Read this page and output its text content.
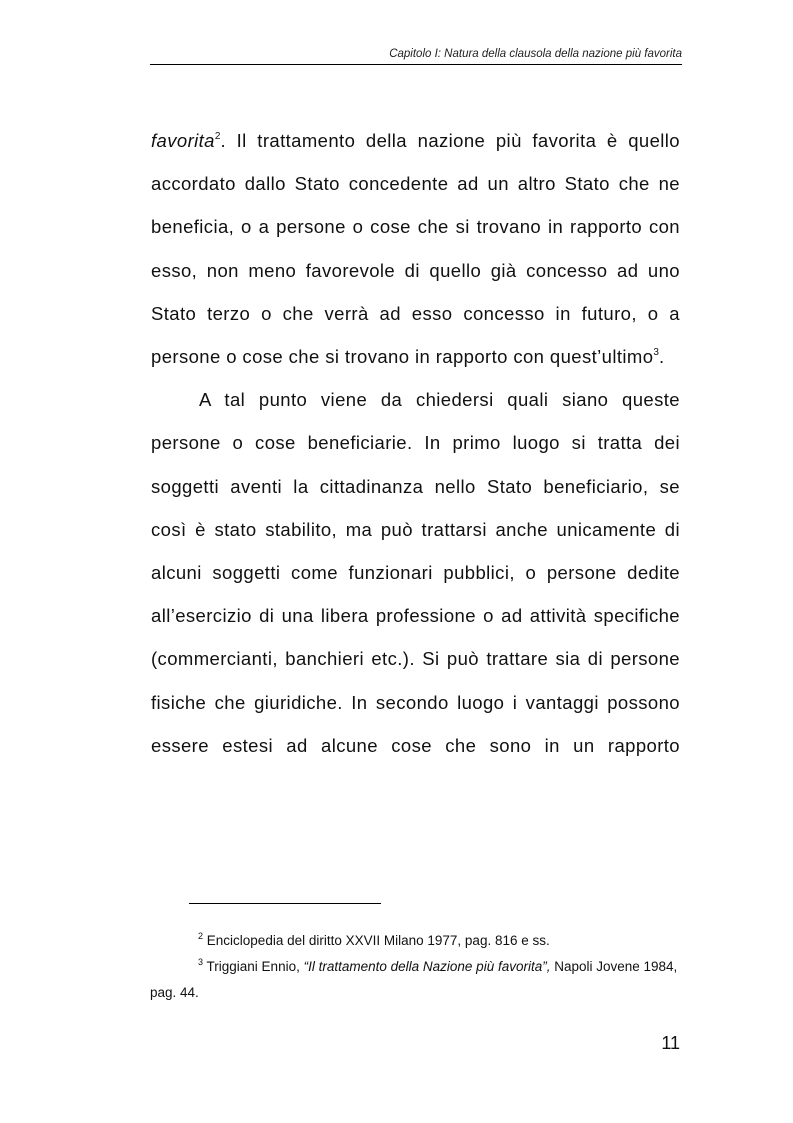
Capitolo I: Natura della clausola della nazione più favorita

favorita$^2$. Il trattamento della nazione più favorita è quello accordato dallo Stato concedente ad un altro Stato che ne beneficia, o a persone o cose che si trovano in rapporto con esso, non meno favorevole di quello già concesso ad uno Stato terzo o che verrà ad esso concesso in futuro, o a persone o cose che si trovano in rapporto con quest’ultimo$^3$.

A tal punto viene da chiedersi quali siano queste persone o cose beneficiarie. In primo luogo si tratta dei soggetti aventi la cittadinanza nello Stato beneficiario, se così è stato stabilito, ma può trattarsi anche unicamente di alcuni soggetti come funzionari pubblici, o persone dedite all’esercizio di una libera professione o ad attività specifiche (commercianti, banchieri etc.). Si può trattare sia di persone fisiche che giuridiche. In secondo luogo i vantaggi possono essere estesi ad alcune cose che sono in un rapporto

$^2$ Enciclopedia del diritto XXVII Milano 1977, pag. 816 e ss.

$^3$ Triggiani Ennio, “Il trattamento della Nazione più favorita”, Napoli Jovene 1984, pag. 44.

11
